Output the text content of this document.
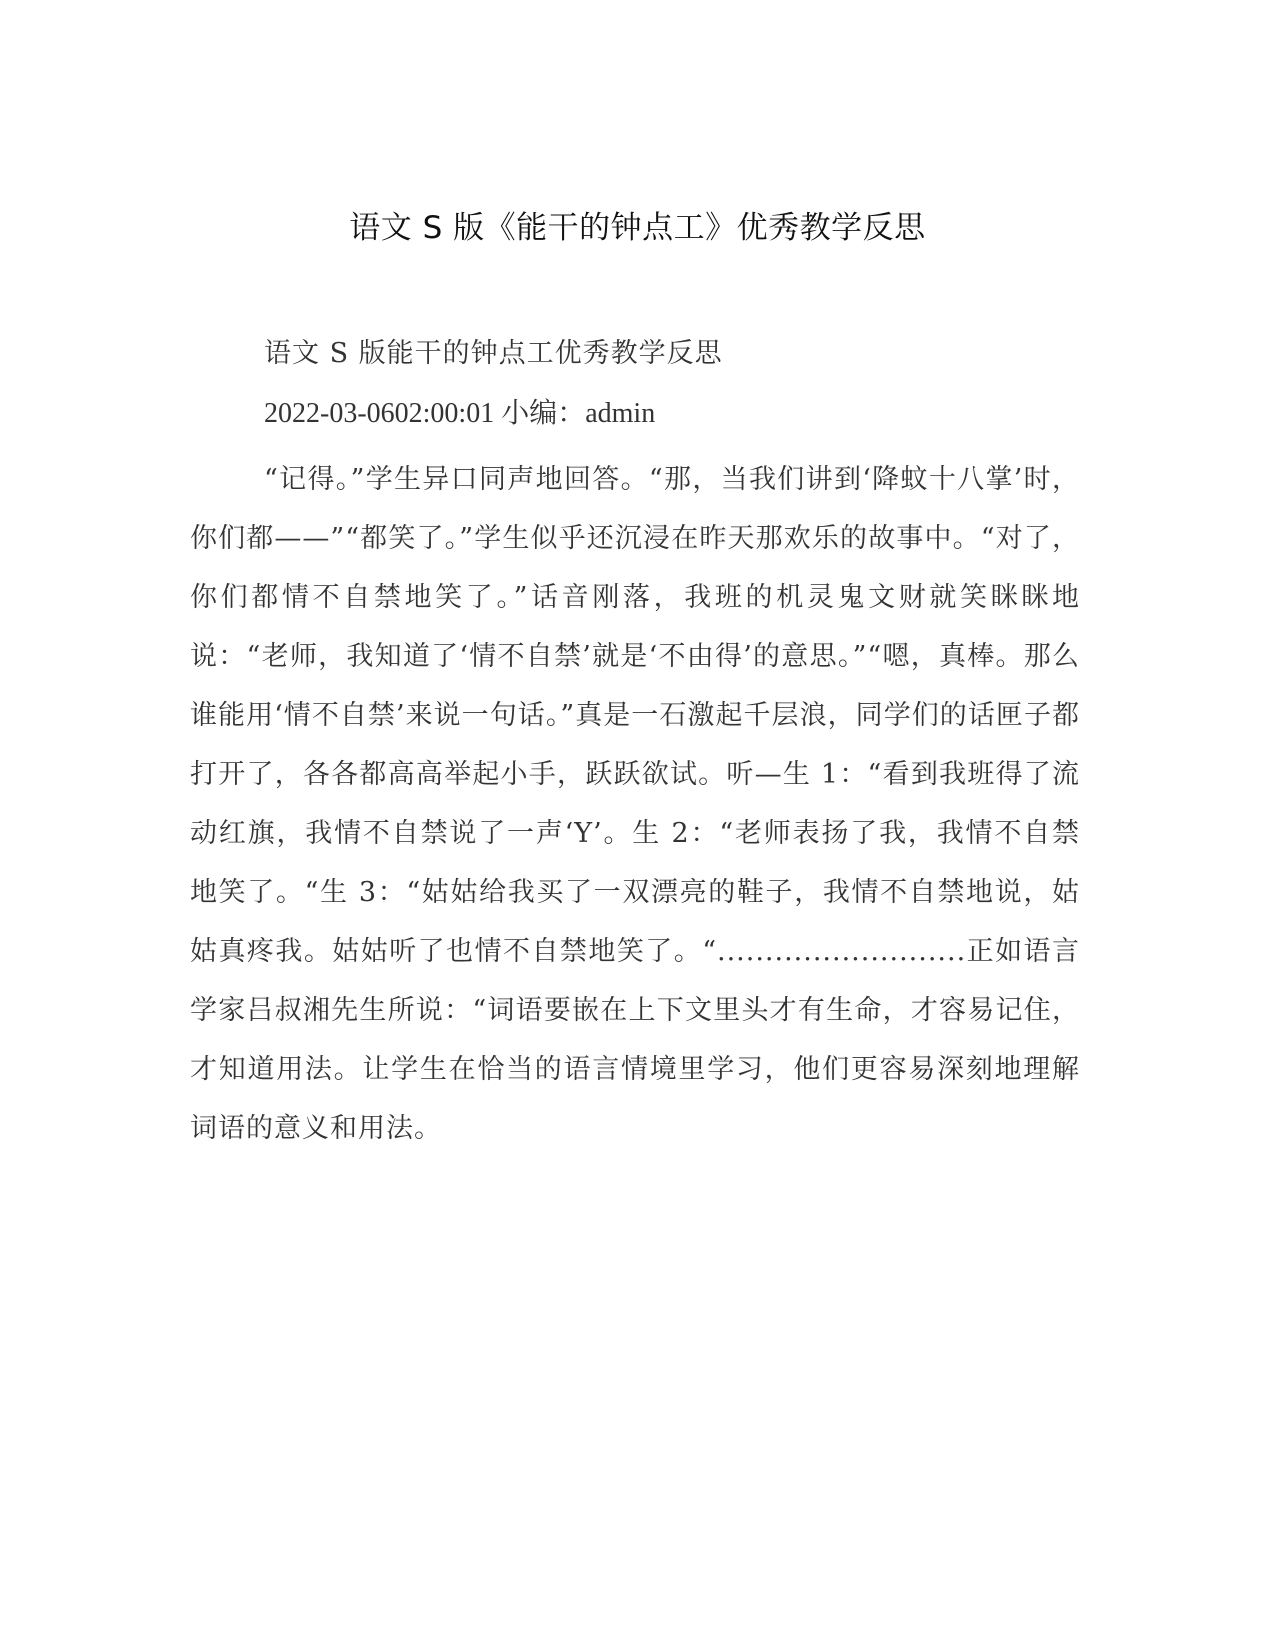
语文 S 版《能干的钟点工》优秀教学反思
语文 S 版能干的钟点工优秀教学反思
2022-03-0602:00:01 小编：admin
“记得。”学生异口同声地回答。“那，当我们讲到‘降蚊十八掌’时，你们都——”“都笑了。”学生似乎还沉浸在昨天那欢乐的故事中。“对了，你们都情不自禁地笑了。”话音刚落，我班的机灵鬼文财就笑眯眯地说：“老师，我知道了‘情不自禁’就是‘不由得’的意思。”“嗯，真棒。那么谁能用‘情不自禁’来说一句话。”真是一石激起千层浪，同学们的话匣子都打开了，各各都高高举起小手，跃跃欲试。听—生 1：“看到我班得了流动红旗，我情不自禁说了一声‘Y’。生 2：“老师表扬了我，我情不自禁地笑了。“生 3：“姑姑给我买了一双漂亮的鞋子，我情不自禁地说，姑姑真疼我。姑姑听了也情不自禁地笑了。“..........................正如语言学家吕叔湘先生所说：“词语要嵌在上下文里头才有生命，才容易记住，才知道用法。让学生在恰当的语言情境里学习，他们更容易深刻地理解词语的意义和用法。
